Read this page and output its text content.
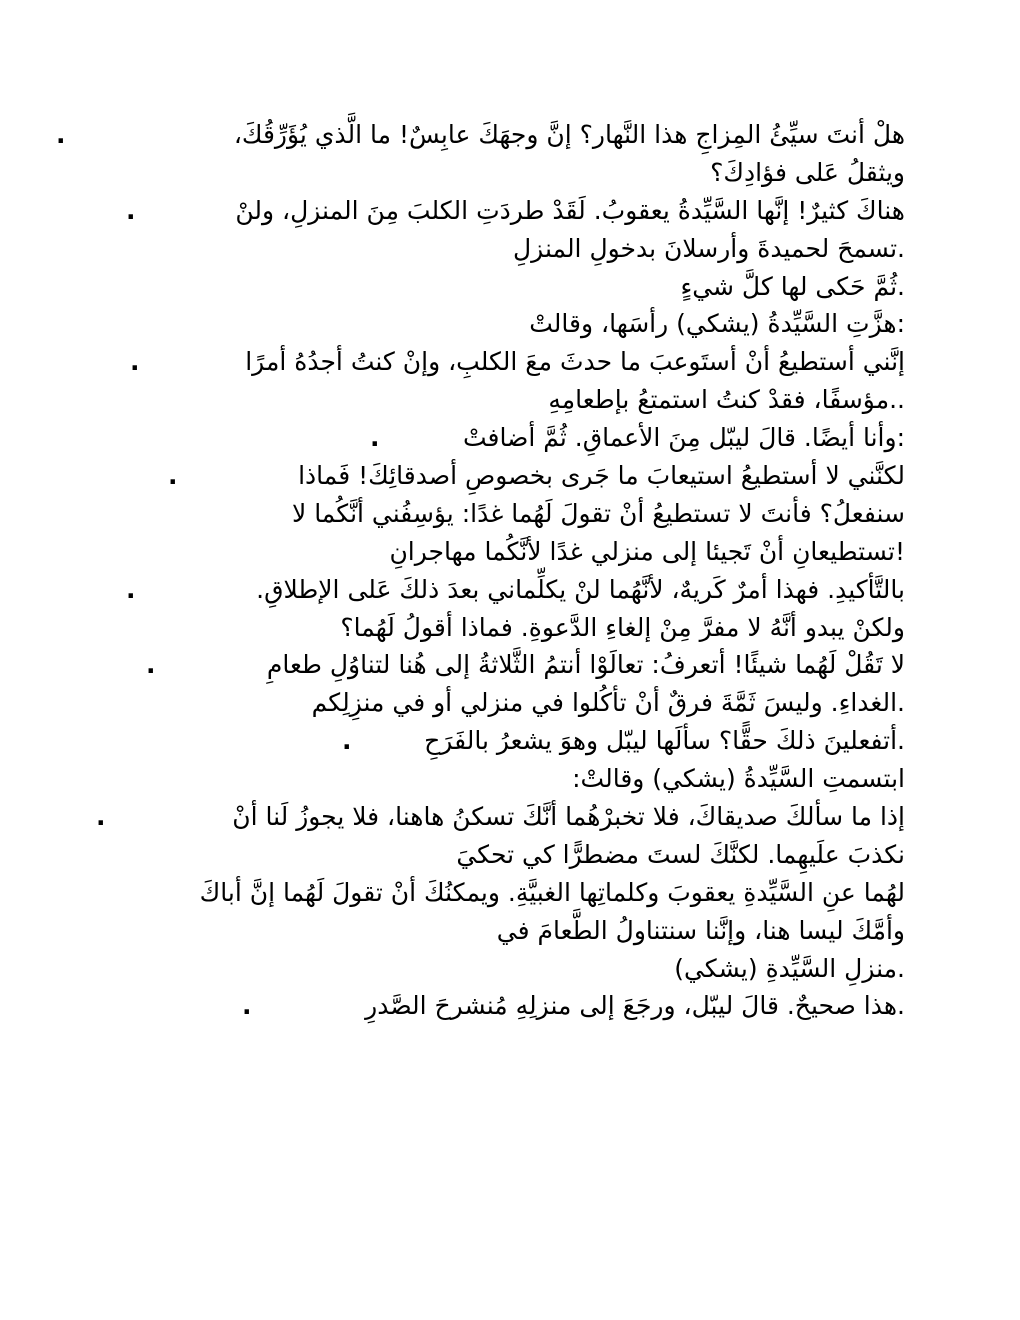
هلْ أنتَ سيِّئُ المِزاجِ هذا النَّهار؟ إنَّ وجهَكَ عابِسٌ! ما الَّذي يُؤَرِّقُكَ،
.
ويثقلُ عَلى فؤادِكَ؟
هناكَ كثيرٌ! إنَّها السَّيِّدةُ يعقوبُ. لَقَدْ طردَتِ الكلبَ مِنَ المنزلِ، ولنْ
.
.تسمحَ لحميدةَ وأرسلانَ بدخولِ المنزلِ
.ثُمَّ حَكى لها كلَّ شيءٍ
:هزَّتِ السَّيِّدةُ (يشكي) رأسَها، وقالتْ
إنَّني أستطيعُ أنْ أستَوعبَ ما حدثَ معَ الكلبِ، وإنْ كنتُ أجدُهُ أمرًا
.
..مؤسفًا، فقدْ كنتُ استمتعُ بإطعامِهِ
:وأنا أيضًا. قالَ ليبّل مِنَ الأعماقِ. ثُمَّ أضافتْ
.
لكنَّني لا أستطيعُ استيعابَ ما جَرى بخصوصِ أصدقائِكَ! فَماذا
.
سنفعلُ؟ فأنتَ لا تستطيعُ أنْ تقولَ لَهُما غدًا: يؤسِفُني أنَّكُما لا
!تستطيعانِ أنْ تَجيئا إلى منزلي غدًا لأنَّكُما مهاجرانِ
بالتَّأكيدِ. فهذا أمرٌ كَريهٌ، لأنَّهُما لنْ يكلِّماني بعدَ ذلكَ عَلى الإطلاقِ.
.
ولكنْ يبدو أنَّهُ لا مفرَّ مِنْ إلغاءِ الدَّعوةِ. فماذا أقولُ لَهُما؟
لا تَقُلْ لَهُما شيئًا! أتعرفُ: تعالَوْا أنتمُ الثَّلاثةُ إلى هُنا لتناوُلِ طعامِ
.
.الغداءِ. وليسَ ثَمَّةَ فرقٌ أنْ تأكُلوا في منزلي أو في منزِلِكم
.أتفعلينَ ذلكَ حقًّا؟ سألَها ليبّل وهوَ يشعرُ بالفَرَحِ
.
ابتسمتِ السَّيِّدةُ (يشكي) وقالتْ:
إذا ما سألكَ صديقاكَ، فلا تخبرْهُما أنَّكَ تسكنُ هاهنا، فلا يجوزُ لَنا أنْ
.
نكذبَ علَيهِما. لكنَّكَ لستَ مضطرًّا كي تحكيَ
لهُما عنِ السَّيِّدةِ يعقوبَ وكلماتِها الغبيَّةِ. ويمكنُكَ أنْ تقولَ لَهُما إنَّ أباكَ
وأمَّكَ ليسا هنا، وإنَّنا سنتناولُ الطَّعامَ في
.منزلِ السَّيِّدةِ (يشكي)
.هذا صحيحٌ. قالَ ليبّل، ورجَعَ إلى منزلِهِ مُنشرحَ الصَّدرِ
.
